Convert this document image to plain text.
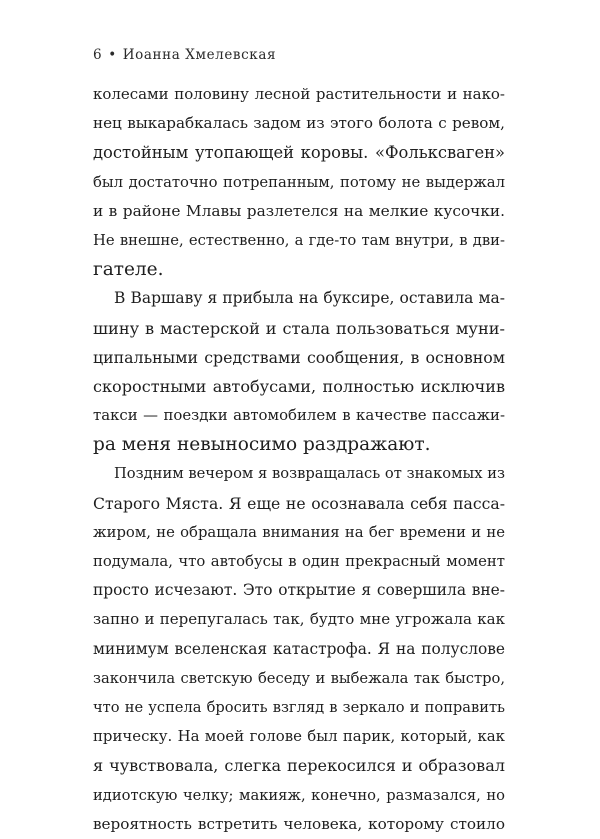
6 • Иоанна Хмелевская
колесами половину лесной растительности и нако-
нец выкарабкалась задом из этого болота с ревом,
достойным утопающей коровы. «Фольксваген»
был достаточно потрепанным, потому не выдержал
и в районе Млавы разлетелся на мелкие кусочки.
Не внешне, естественно, а где-то там внутри, в дви-
гателе.
В Варшаву я прибыла на буксире, оставила ма-
шину в мастерской и стала пользоваться муни-
ципальными средствами сообщения, в основном
скоростными автобусами, полностью исключив
такси — поездки автомобилем в качестве пассажи-
ра меня невыносимо раздражают.
Поздним вечером я возвращалась от знакомых из
Старого Мяста. Я еще не осознавала себя пасса-
жиром, не обращала внимания на бег времени и не
подумала, что автобусы в один прекрасный момент
просто исчезают. Это открытие я совершила вне-
запно и перепугалась так, будто мне угрожала как
минимум вселенская катастрофа. Я на полуслове
закончила светскую беседу и выбежала так быстро,
что не успела бросить взгляд в зеркало и поправить
прическу. На моей голове был парик, который, как
я чувствовала, слегка перекосился и образовал
идиотскую челку; макияж, конечно, размазался, но
вероятность встретить человека, которому стоило
